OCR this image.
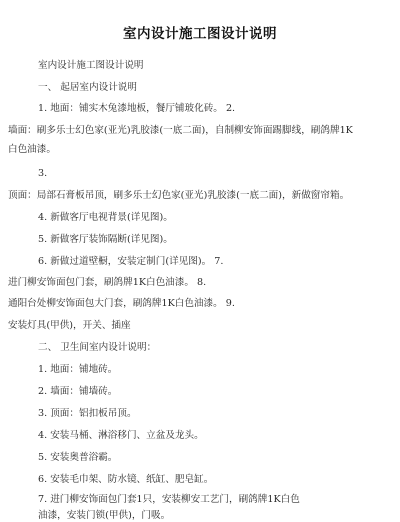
室内设计施工图设计说明
室内设计施工图设计说明
一、 起居室内设计说明
1. 地面：铺实木兔漆地板，餐厅铺玻化砖。 2.
墙面：刷多乐士幻色家(亚光)乳胶漆(一底二面)，自制柳安饰面踢脚线，刷鸽牌1K
白色油漆。
3.
顶面：局部石膏板吊顶，刷多乐士幻色家(亚光)乳胶漆(一底二面)，新做窗帘箱。
4. 新做客厅电视背景(详见图)。
5. 新做客厅装饰隔断(详见图)。
6. 新做过道壁橱，安装定制门(详见图)。 7.
进门柳安饰面包门套，刷鸽牌1K白色油漆。 8.
通阳台处柳安饰面包大门套，刷鸽牌1K白色油漆。 9.
安装灯具(甲供)，开关、插座
二、 卫生间室内设计说明：
1. 地面：铺地砖。
2. 墙面：铺墙砖。
3. 顶面：铝扣板吊顶。
4. 安装马桶、淋浴移门、立盆及龙头。
5. 安装奥普浴霸。
6. 安装毛巾架、防水镜、纸缸、肥皂缸。
7. 进门柳安饰面包门套1只，安装柳安工艺门，刷鸽牌1K白色
油漆，安装门锁(甲供)，门吸。
